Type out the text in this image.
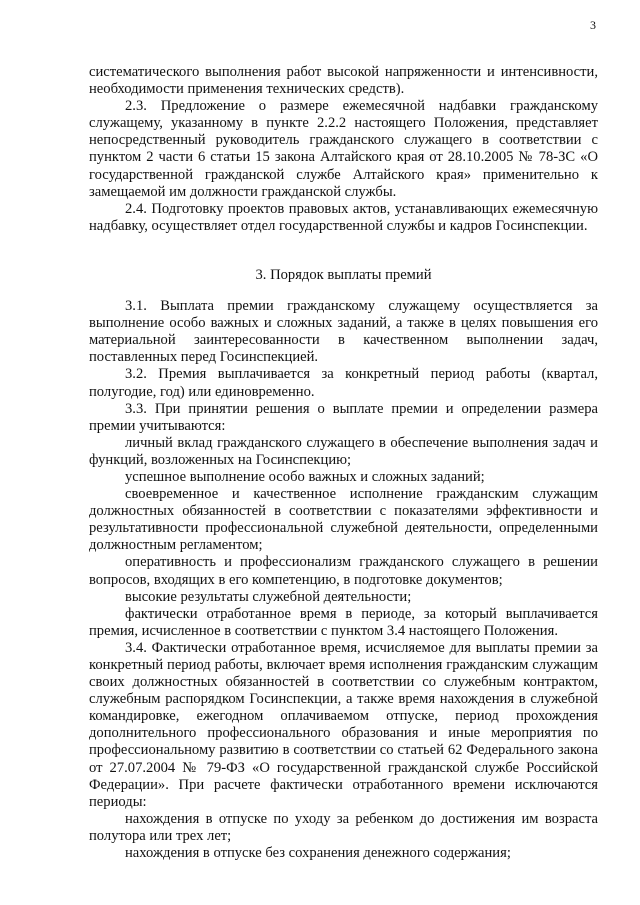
3

систематического выполнения работ высокой напряженности и интенсивности, необходимости применения технических средств).

2.3. Предложение о размере ежемесячной надбавки гражданскому служащему, указанному в пункте 2.2.2 настоящего Положения, представляет непосредственный руководитель гражданского служащего в соответствии с пунктом 2 части 6 статьи 15 закона Алтайского края от 28.10.2005 № 78-ЗС «О государственной гражданской службе Алтайского края» применительно к замещаемой им должности гражданской службы.

2.4. Подготовку проектов правовых актов, устанавливающих ежемесячную надбавку, осуществляет отдел государственной службы и кадров Госинспекции.

3. Порядок выплаты премий

3.1. Выплата премии гражданскому служащему осуществляется за выполнение особо важных и сложных заданий, а также в целях повышения его материальной заинтересованности в качественном выполнении задач, поставленных перед Госинспекцией.

3.2. Премия выплачивается за конкретный период работы (квартал, полугодие, год) или единовременно.

3.3. При принятии решения о выплате премии и определении размера премии учитываются:

личный вклад гражданского служащего в обеспечение выполнения задач и функций, возложенных на Госинспекцию;

успешное выполнение особо важных и сложных заданий;

своевременное и качественное исполнение гражданским служащим должностных обязанностей в соответствии с показателями эффективности и результативности профессиональной служебной деятельности, определенными должностным регламентом;

оперативность и профессионализм гражданского служащего в решении вопросов, входящих в его компетенцию, в подготовке документов;

высокие результаты служебной деятельности;

фактически отработанное время в периоде, за который выплачивается премия, исчисленное в соответствии с пунктом 3.4 настоящего Положения.

3.4. Фактически отработанное время, исчисляемое для выплаты премии за конкретный период работы, включает время исполнения гражданским служащим своих должностных обязанностей в соответствии со служебным контрактом, служебным распорядком Госинспекции, а также время нахождения в служебной командировке, ежегодном оплачиваемом отпуске, период прохождения дополнительного профессионального образования и иные мероприятия по профессиональному развитию в соответствии со статьей 62 Федерального закона от 27.07.2004 № 79-ФЗ «О государственной гражданской службе Российской Федерации». При расчете фактически отработанного времени исключаются периоды:

нахождения в отпуске по уходу за ребенком до достижения им возраста полутора или трех лет;

нахождения в отпуске без сохранения денежного содержания;
